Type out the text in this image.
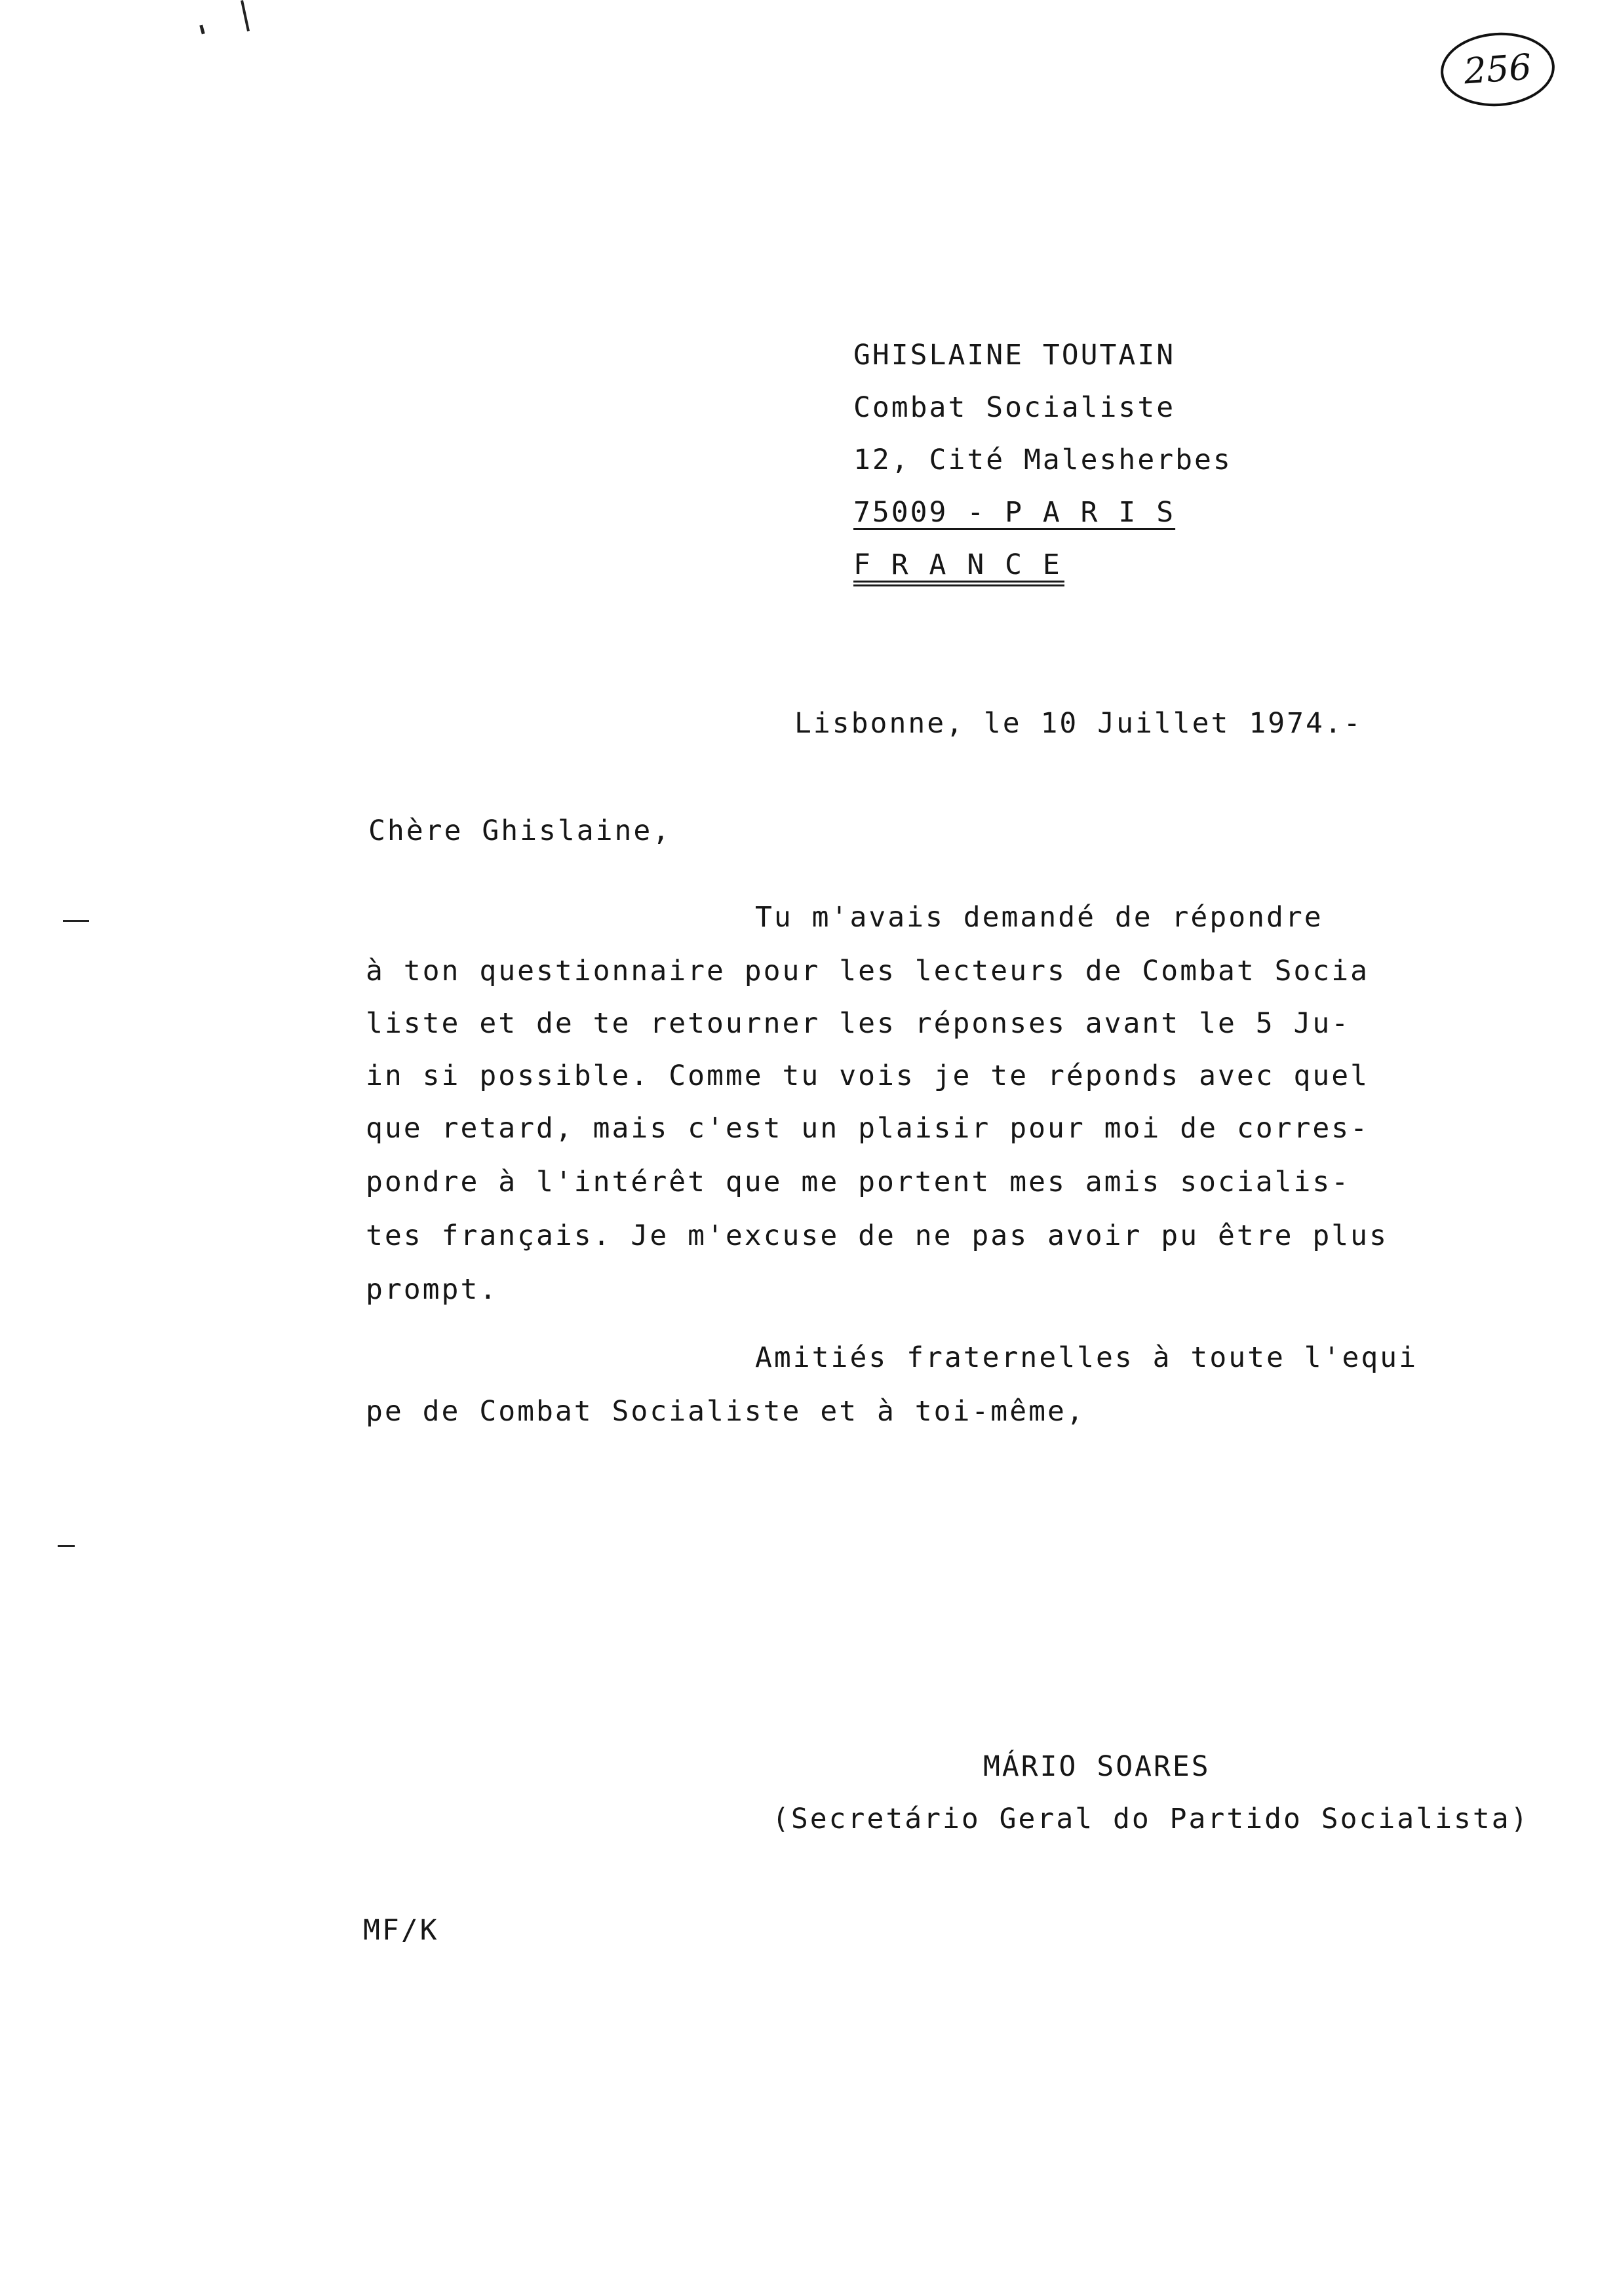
256
GHISLAINE TOUTAIN
Combat Socialiste
12, Cité Malesherbes
75009 - P A R I S
F R A N C E
Lisbonne, le 10 Juillet 1974.-
Chère Ghislaine,
Tu m'avais demandé de répondre
à ton questionnaire pour les lecteurs de Combat Socia
liste et de te retourner les réponses avant le 5 Ju-
in si possible. Comme tu vois je te réponds avec quel
que retard, mais c'est un plaisir pour moi de corres-
pondre à l'intérêt que me portent mes amis socialis-
tes français. Je m'excuse de ne pas avoir pu être plus
prompt.
Amitiés fraternelles à toute l'equi
pe de Combat Socialiste et à toi-même,
MÁRIO SOARES
(Secretário Geral do Partido Socialista)
MF/K
